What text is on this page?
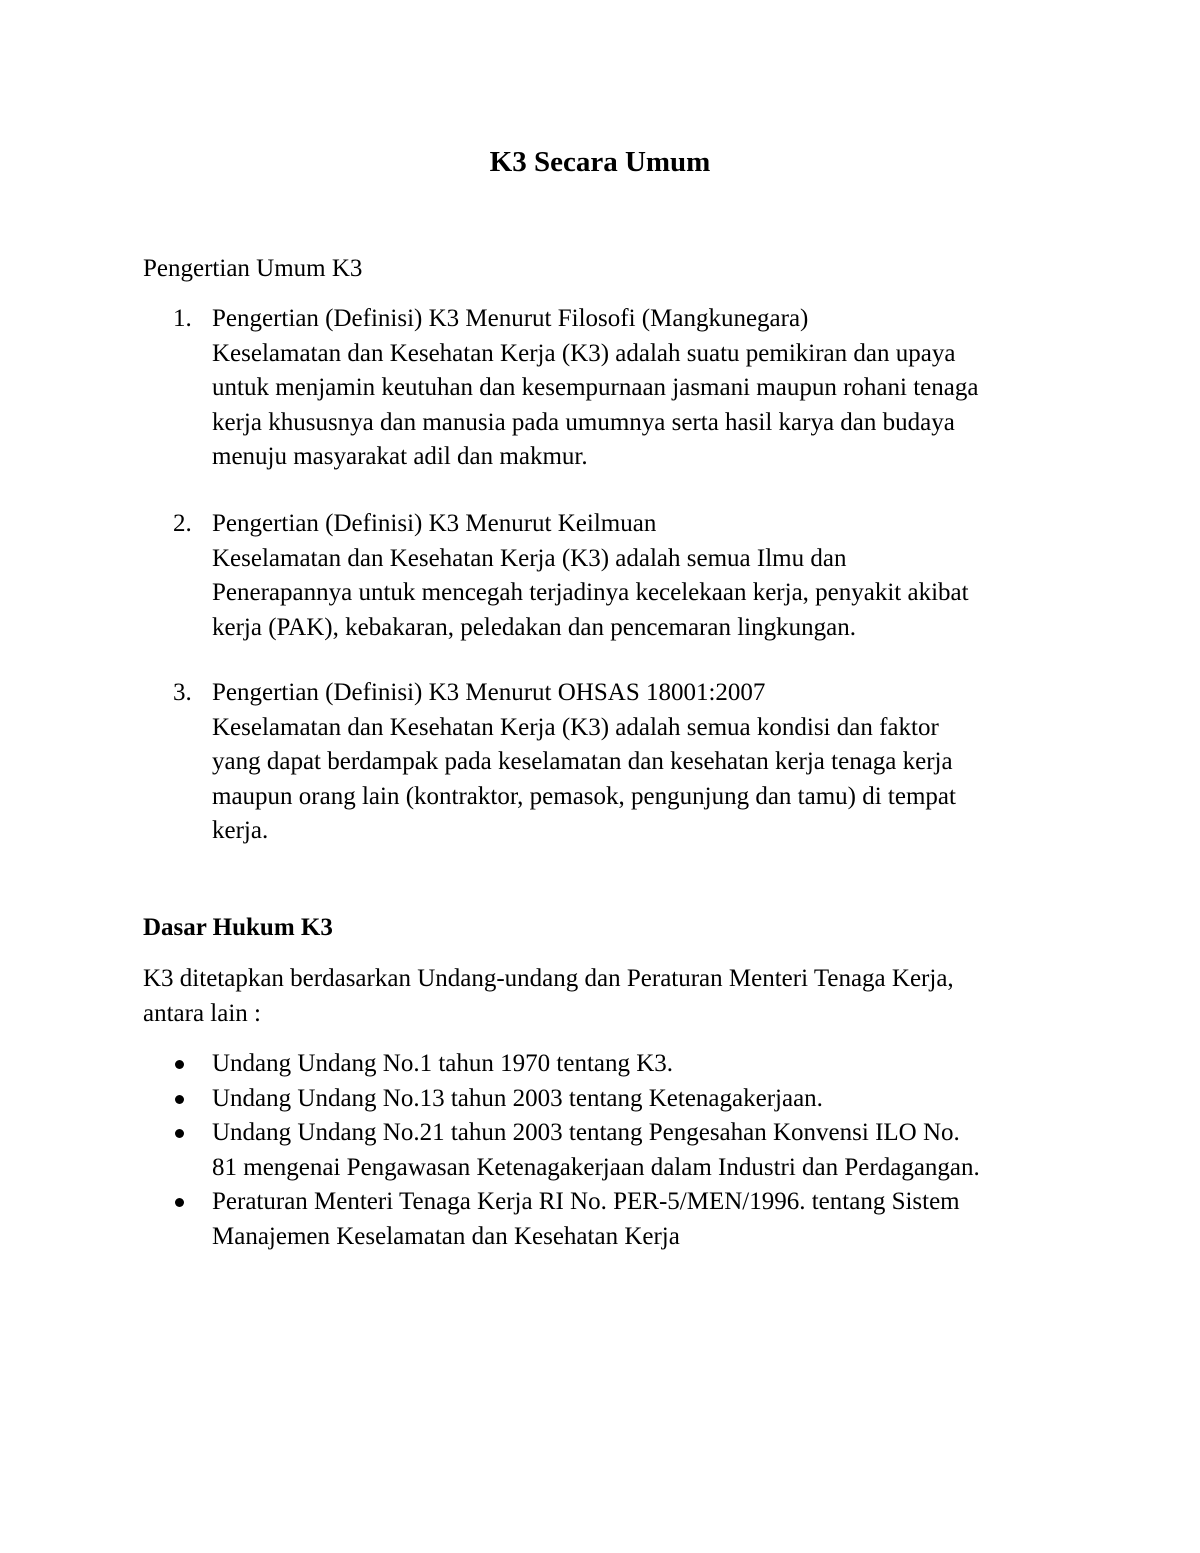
K3 Secara Umum
Pengertian Umum K3
1. Pengertian (Definisi) K3 Menurut Filosofi (Mangkunegara)
Keselamatan dan Kesehatan Kerja (K3) adalah suatu pemikiran dan upaya
untuk menjamin keutuhan dan kesempurnaan jasmani maupun rohani tenaga
kerja khususnya dan manusia pada umumnya serta hasil karya dan budaya
menuju masyarakat adil dan makmur.
2. Pengertian (Definisi) K3 Menurut Keilmuan
Keselamatan dan Kesehatan Kerja (K3) adalah semua Ilmu dan
Penerapannya untuk mencegah terjadinya kecelekaan kerja, penyakit akibat
kerja (PAK), kebakaran, peledakan dan pencemaran lingkungan.
3. Pengertian (Definisi) K3 Menurut OHSAS 18001:2007
Keselamatan dan Kesehatan Kerja (K3) adalah semua kondisi dan faktor
yang dapat berdampak pada keselamatan dan kesehatan kerja tenaga kerja
maupun orang lain (kontraktor, pemasok, pengunjung dan tamu) di tempat
kerja.
Dasar Hukum K3
K3 ditetapkan berdasarkan Undang-undang dan Peraturan Menteri Tenaga Kerja,
antara lain :
Undang Undang No.1 tahun 1970 tentang K3.
Undang Undang No.13 tahun 2003 tentang Ketenagakerjaan.
Undang Undang No.21 tahun 2003 tentang Pengesahan Konvensi ILO No.
81 mengenai Pengawasan Ketenagakerjaan dalam Industri dan Perdagangan.
Peraturan Menteri Tenaga Kerja RI No. PER-5/MEN/1996. tentang Sistem
Manajemen Keselamatan dan Kesehatan Kerja
